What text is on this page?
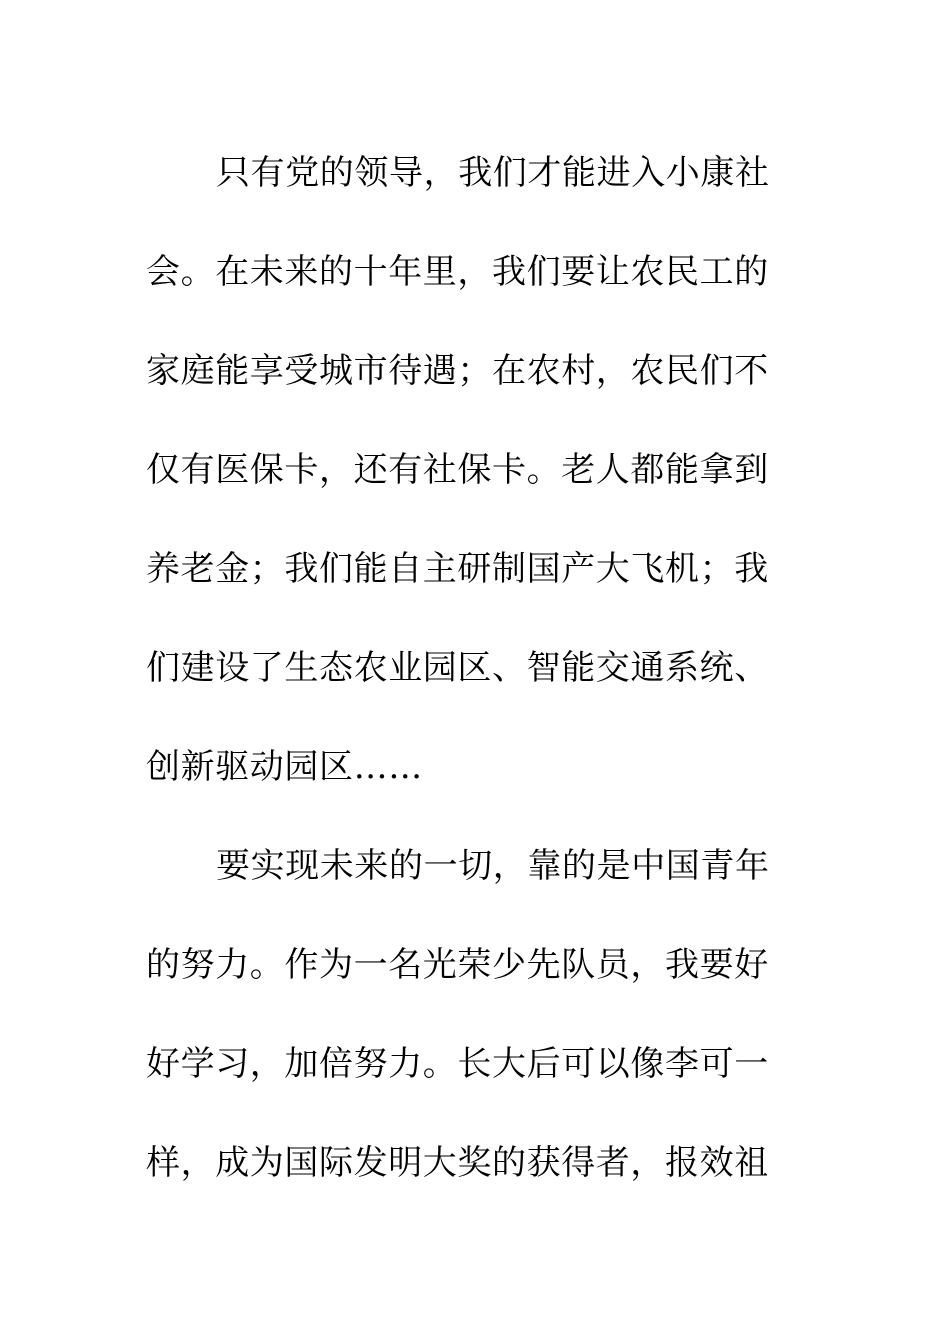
只有党的领导，我们才能进入小康社
会。在未来的十年里，我们要让农民工的
家庭能享受城市待遇；在农村，农民们不
仅有医保卡，还有社保卡。老人都能拿到
养老金；我们能自主研制国产大飞机；我
们建设了生态农业园区、智能交通系统、
创新驱动园区……
要实现未来的一切，靠的是中国青年
的努力。作为一名光荣少先队员，我要好
好学习，加倍努力。长大后可以像李可一
样，成为国际发明大奖的获得者，报效祖
